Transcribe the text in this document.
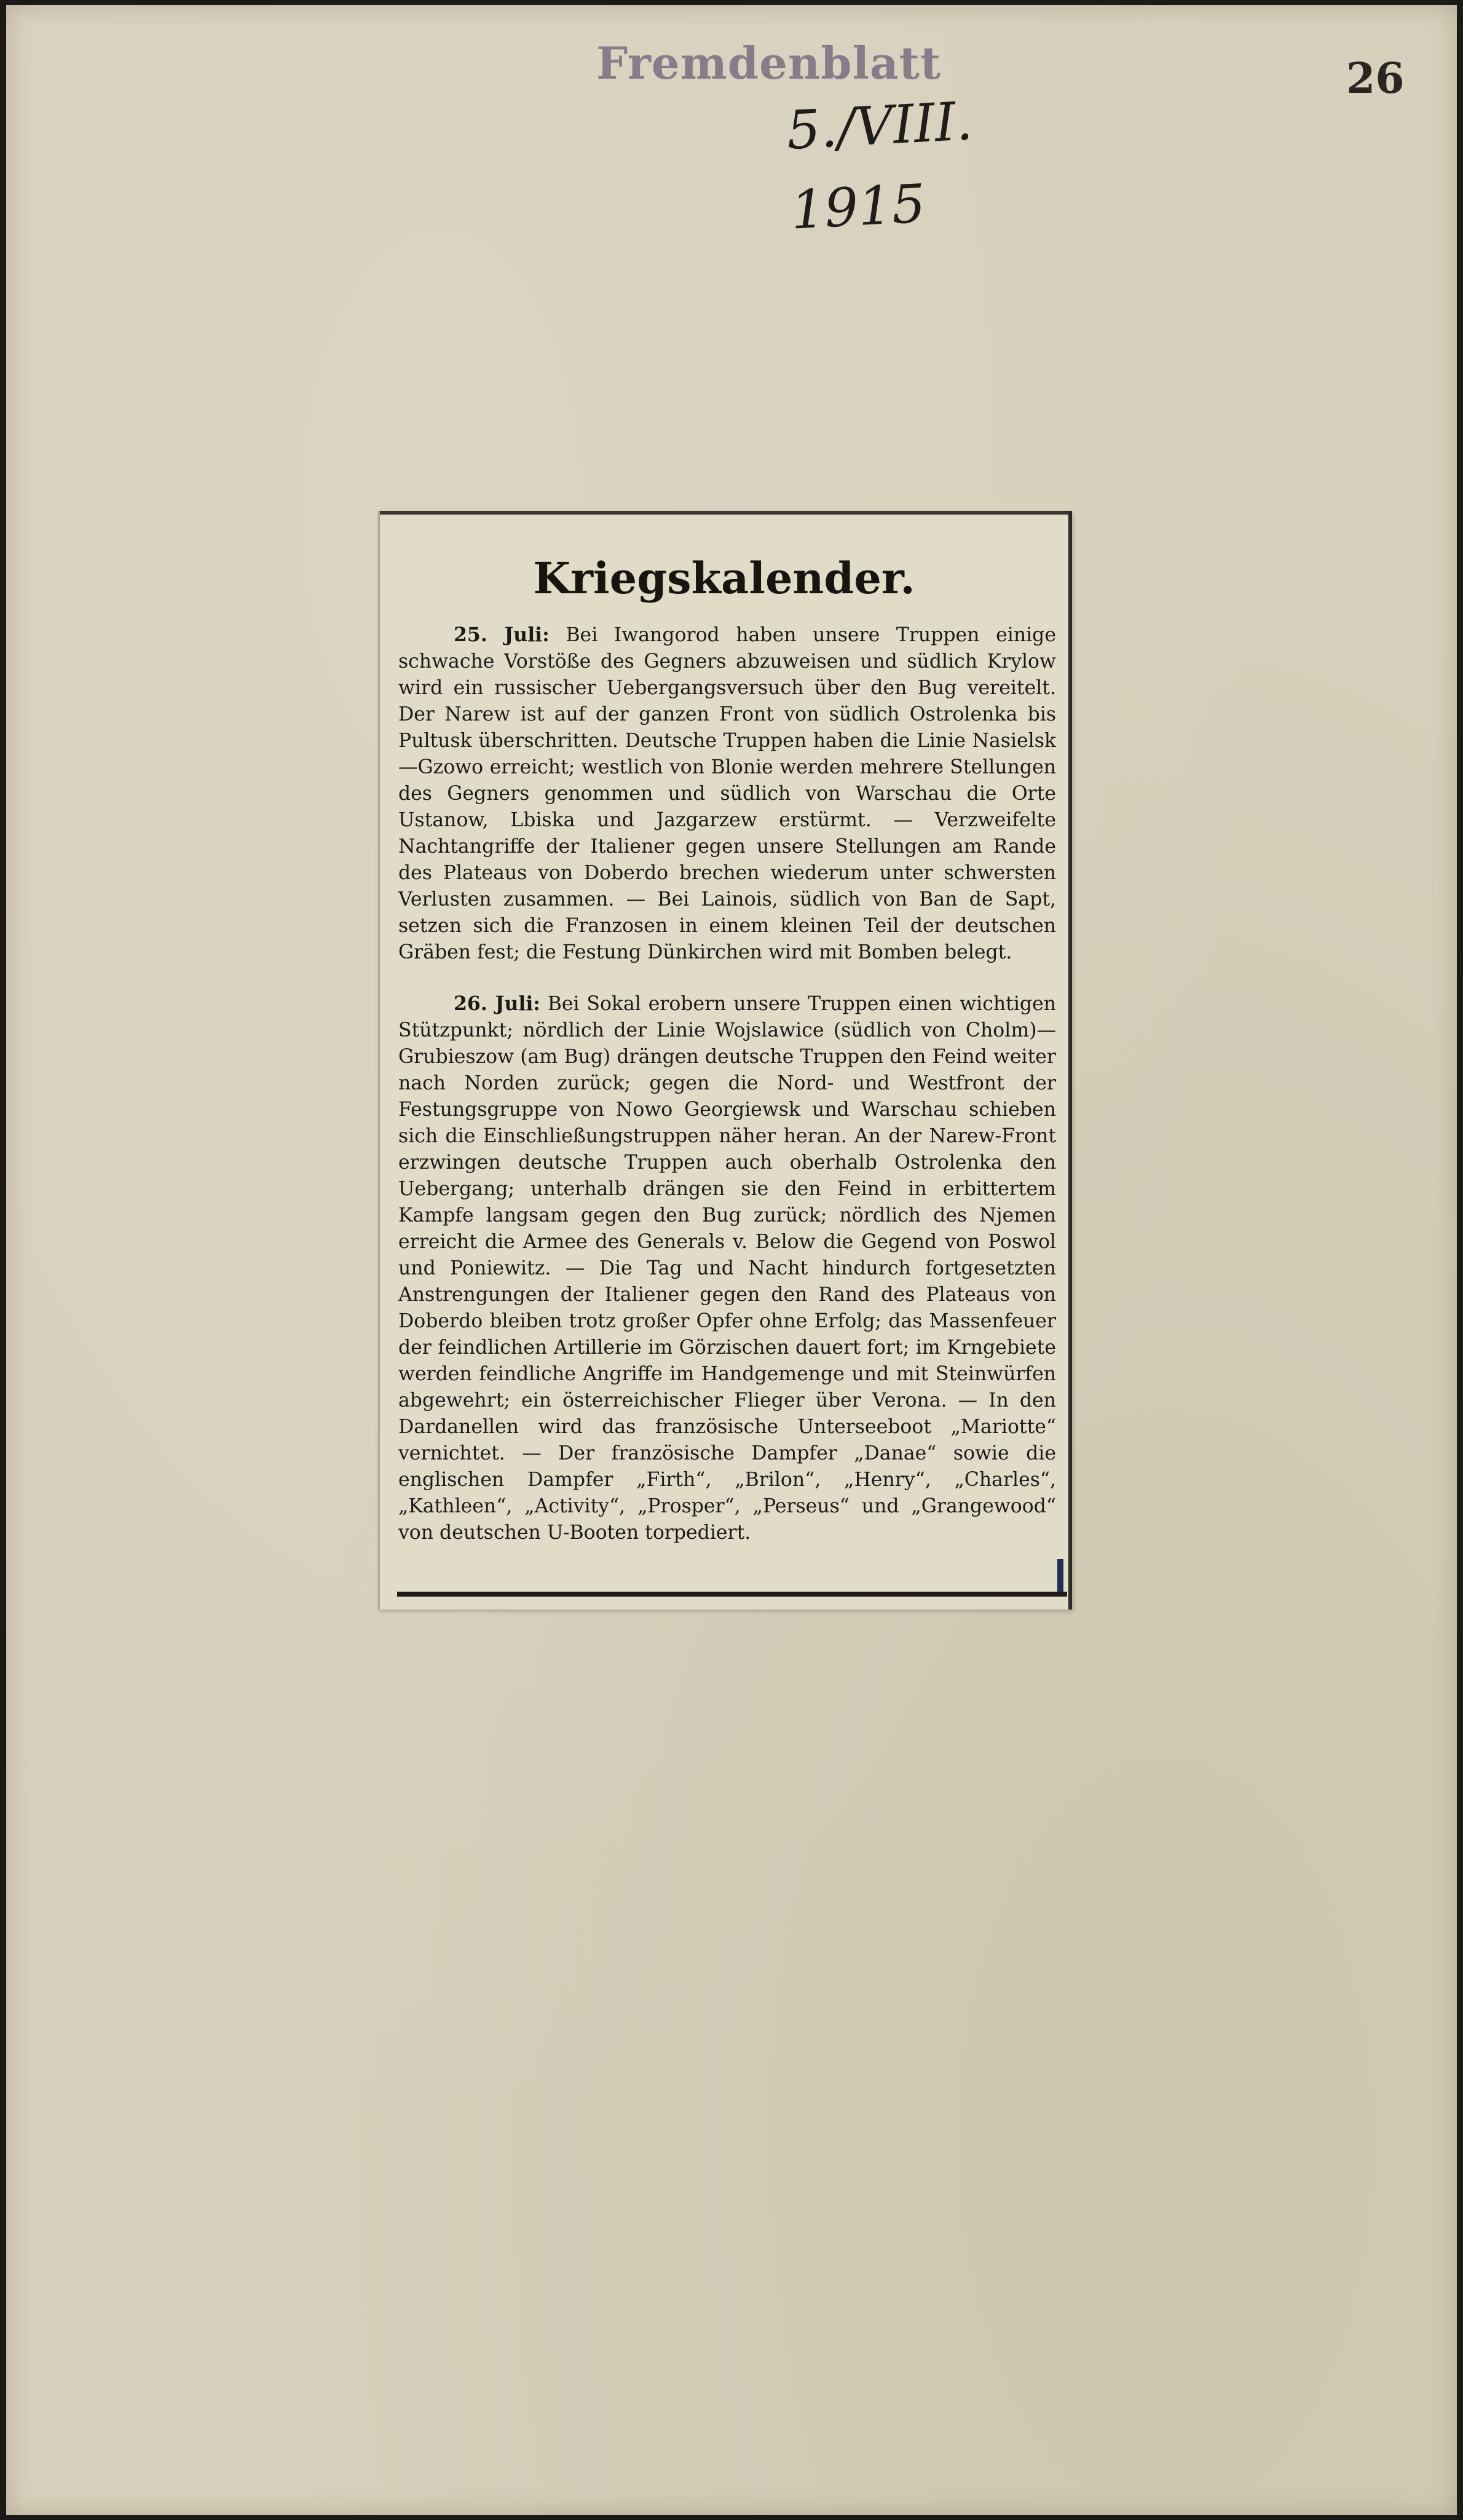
Fremdenblatt	26

5./VIII. 1915

Kriegskalender.

25. Juli: Bei Iwangorod haben unsere Truppen einige schwache Vorstöße des Gegners abzuweisen und südlich Krylow wird ein russischer Uebergangsversuch über den Bug vereitelt. Der Narew ist auf der ganzen Front von südlich Ostrolenka bis Pultusk überschritten. Deutsche Truppen haben die Linie Nasielsk—Gzowo erreicht; westlich von Blonie werden mehrere Stellungen des Gegners genommen und südlich von Warschau die Orte Ustanow, Lbiska und Jazgarzew erstürmt. — Verzweifelte Nachtangriffe der Italiener gegen unsere Stellungen am Rande des Plateaus von Doberdo brechen wiederum unter schwersten Verlusten zusammen. — Bei Lainois, südlich von Ban de Sapt, setzen sich die Franzosen in einem kleinen Teil der deutschen Gräben fest; die Festung Dünkirchen wird mit Bomben belegt.

26. Juli: Bei Sokal erobern unsere Truppen einen wichtigen Stützpunkt; nördlich der Linie Wojslawice (südlich von Cholm)—Grubieszow (am Bug) drängen deutsche Truppen den Feind weiter nach Norden zurück; gegen die Nord- und Westfront der Festungsgruppe von Nowo Georgiewsk und Warschau schieben sich die Einschließungstruppen näher heran. An der Narew-Front erzwingen deutsche Truppen auch oberhalb Ostrolenka den Uebergang; unterhalb drängen sie den Feind in erbittertem Kampfe langsam gegen den Bug zurück; nördlich des Njemen erreicht die Armee des Generals v. Below die Gegend von Poswol und Poniewitz. — Die Tag und Nacht hindurch fortgesetzten Anstrengungen der Italiener gegen den Rand des Plateaus von Doberdo bleiben trotz großer Opfer ohne Erfolg; das Massenfeuer der feindlichen Artillerie im Görzischen dauert fort; im Krngebiete werden feindliche Angriffe im Handgemenge und mit Steinwürfen abgewehrt; ein österreichischer Flieger über Verona. — In den Dardanellen wird das französische Unterseeboot „Mariotte“ vernichtet. — Der französische Dampfer „Danae“ sowie die englischen Dampfer „Firth“, „Brilon“, „Henry“, „Charles“, „Kathleen“, „Activity“, „Prosper“, „Perseus“ und „Grangewood“ von deutschen U-Booten torpediert.
